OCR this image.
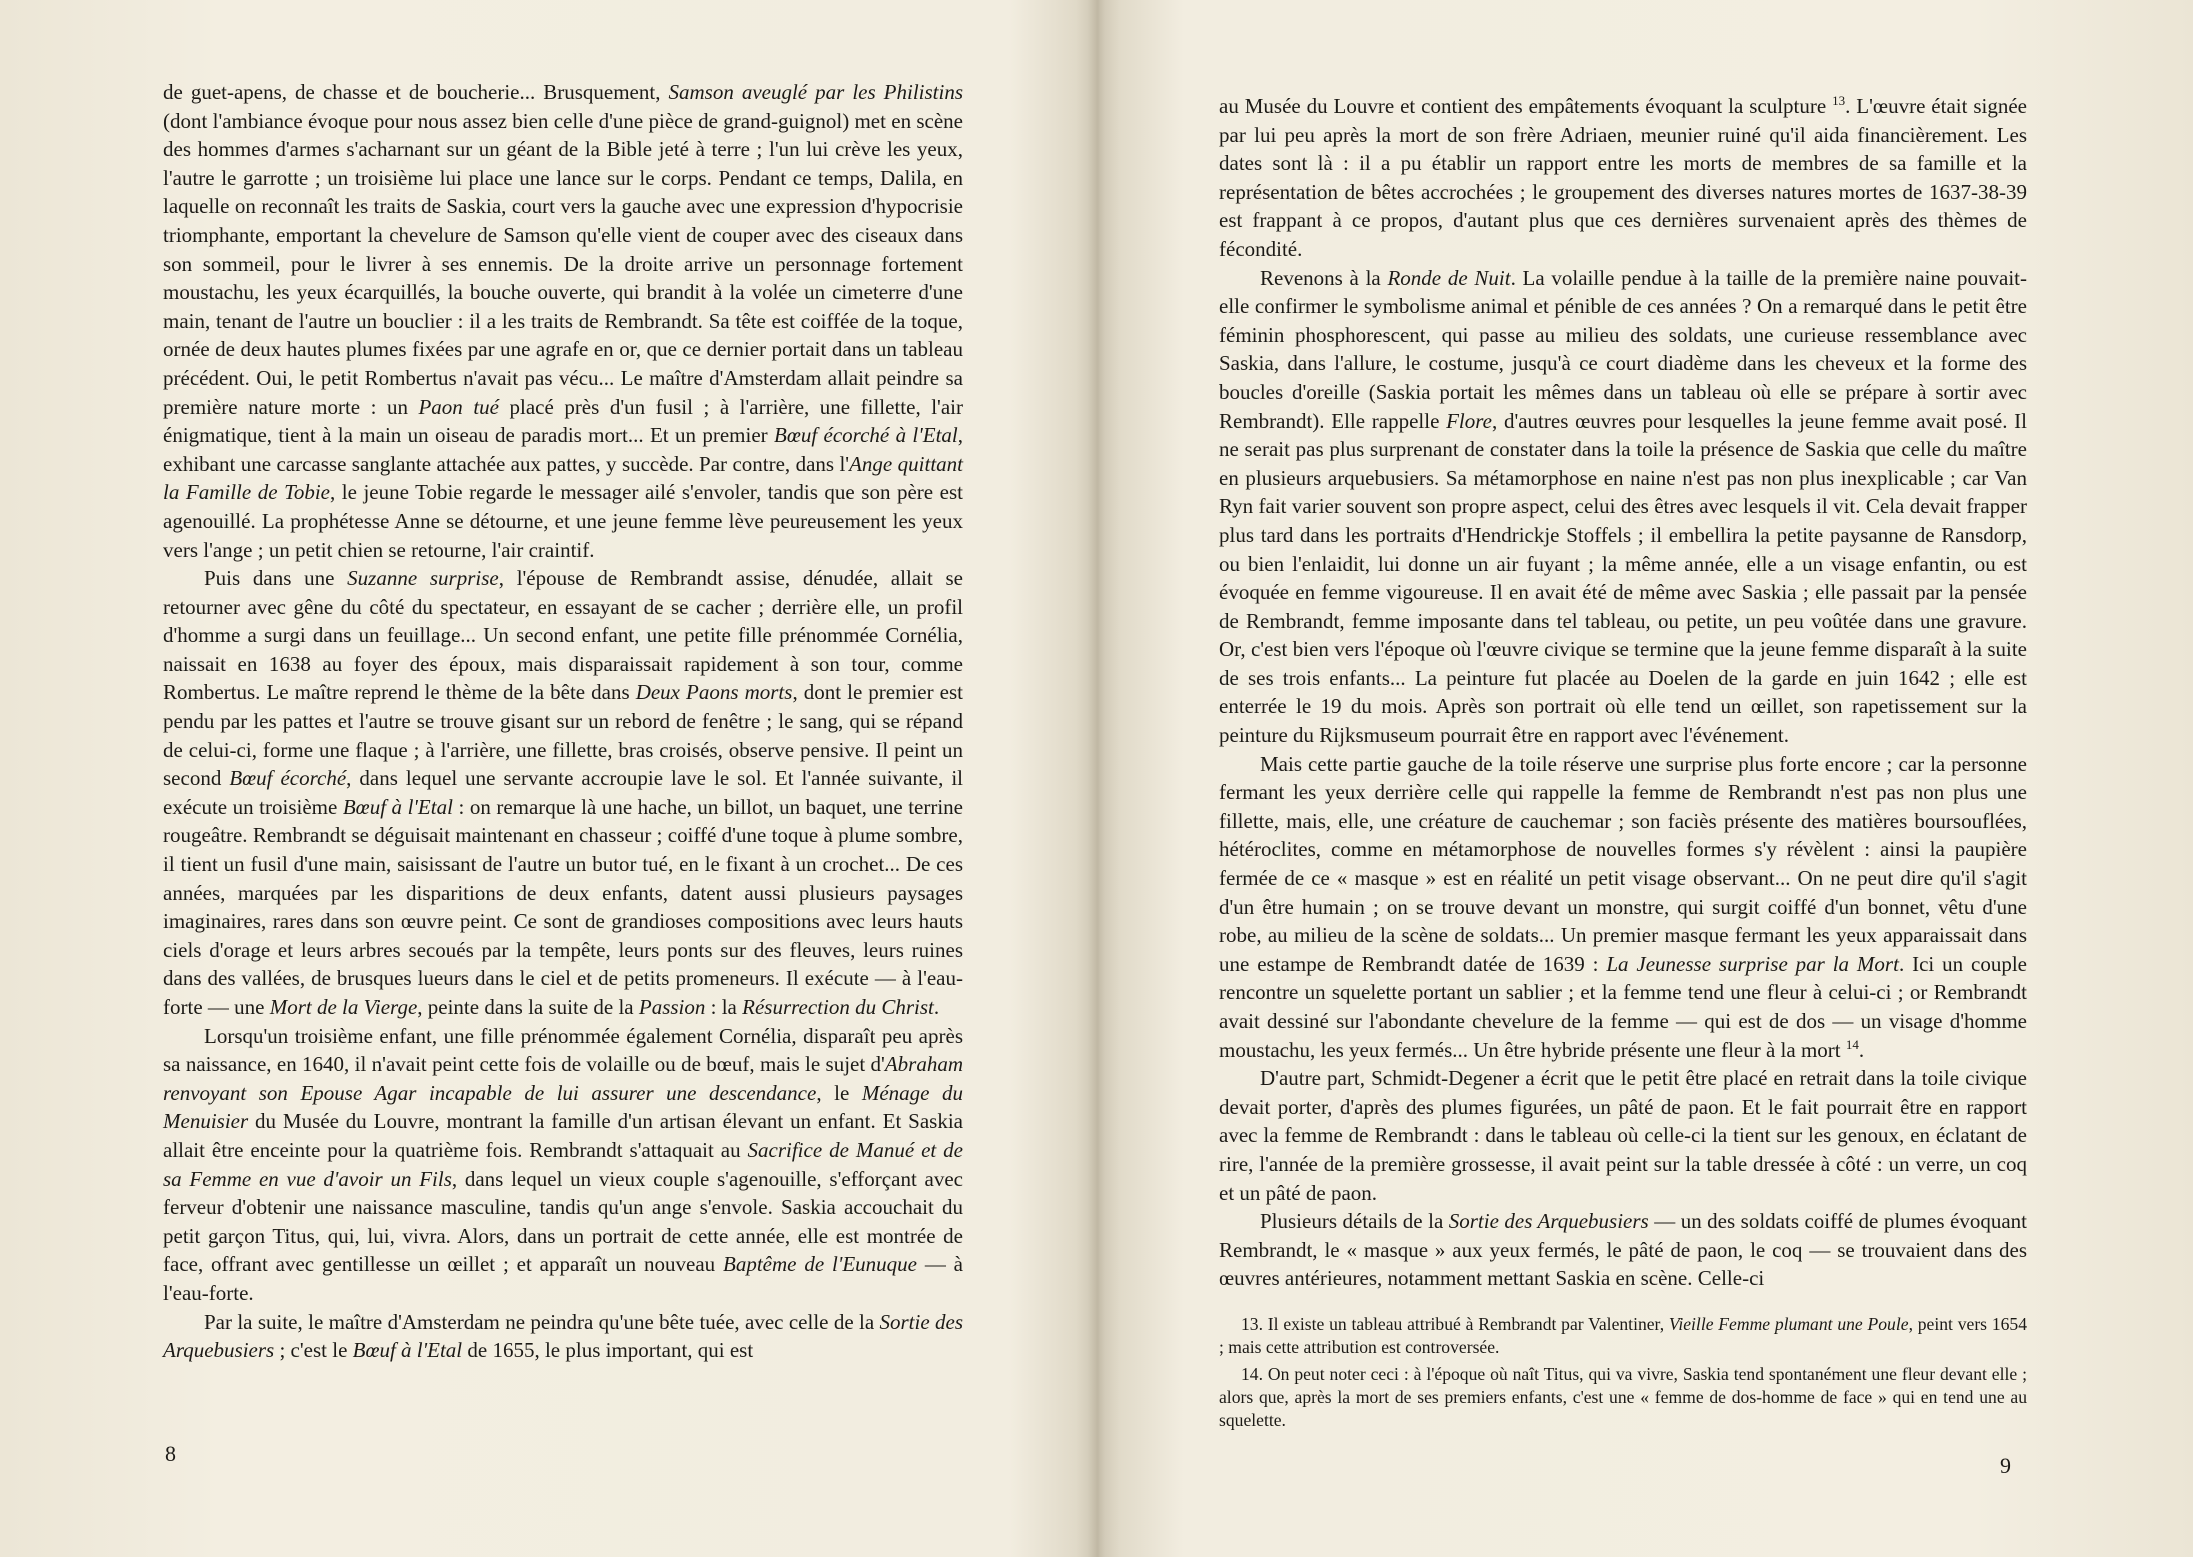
de guet-apens, de chasse et de boucherie... Brusquement, Samson aveuglé par les Philistins (dont l'ambiance évoque pour nous assez bien celle d'une pièce de grand-guignol) met en scène des hommes d'armes s'acharnant sur un géant de la Bible jeté à terre ; l'un lui crève les yeux, l'autre le garrotte ; un troisième lui place une lance sur le corps. Pendant ce temps, Dalila, en laquelle on reconnaît les traits de Saskia, court vers la gauche avec une expression d'hypocrisie triomphante, emportant la chevelure de Samson qu'elle vient de couper avec des ciseaux dans son sommeil, pour le livrer à ses ennemis. De la droite arrive un personnage fortement moustachu, les yeux écarquillés, la bouche ouverte, qui brandit à la volée un cimeterre d'une main, tenant de l'autre un bouclier : il a les traits de Rembrandt. Sa tête est coiffée de la toque, ornée de deux hautes plumes fixées par une agrafe en or, que ce dernier portait dans un tableau précédent. Oui, le petit Rombertus n'avait pas vécu... Le maître d'Amsterdam allait peindre sa première nature morte : un Paon tué placé près d'un fusil ; à l'arrière, une fillette, l'air énigmatique, tient à la main un oiseau de paradis mort... Et un premier Bœuf écorché à l'Etal, exhibant une carcasse sanglante attachée aux pattes, y succède. Par contre, dans l'Ange quittant la Famille de Tobie, le jeune Tobie regarde le messager ailé s'envoler, tandis que son père est agenouillé. La prophétesse Anne se détourne, et une jeune femme lève peureusement les yeux vers l'ange ; un petit chien se retourne, l'air craintif.

Puis dans une Suzanne surprise, l'épouse de Rembrandt assise, dénudée, allait se retourner avec gêne du côté du spectateur, en essayant de se cacher ; derrière elle, un profil d'homme a surgi dans un feuillage... Un second enfant, une petite fille prénommée Cornélia, naissait en 1638 au foyer des époux, mais disparaissait rapidement à son tour, comme Rombertus. Le maître reprend le thème de la bête dans Deux Paons morts, dont le premier est pendu par les pattes et l'autre se trouve gisant sur un rebord de fenêtre ; le sang, qui se répand de celui-ci, forme une flaque ; à l'arrière, une fillette, bras croisés, observe pensive. Il peint un second Bœuf écorché, dans lequel une servante accroupie lave le sol. Et l'année suivante, il exécute un troisième Bœuf à l'Etal : on remarque là une hache, un billot, un baquet, une terrine rougeâtre. Rembrandt se déguisait maintenant en chasseur ; coiffé d'une toque à plume sombre, il tient un fusil d'une main, saisissant de l'autre un butor tué, en le fixant à un crochet... De ces années, marquées par les disparitions de deux enfants, datent aussi plusieurs paysages imaginaires, rares dans son œuvre peint. Ce sont de grandioses compositions avec leurs hauts ciels d'orage et leurs arbres secoués par la tempête, leurs ponts sur des fleuves, leurs ruines dans des vallées, de brusques lueurs dans le ciel et de petits promeneurs. Il exécute — à l'eau-forte — une Mort de la Vierge, peinte dans la suite de la Passion : la Résurrection du Christ.

Lorsqu'un troisième enfant, une fille prénommée également Cornélia, disparaît peu après sa naissance, en 1640, il n'avait peint cette fois de volaille ou de bœuf, mais le sujet d'Abraham renvoyant son Epouse Agar incapable de lui assurer une descendance, le Ménage du Menuisier du Musée du Louvre, montrant la famille d'un artisan élevant un enfant. Et Saskia allait être enceinte pour la quatrième fois. Rembrandt s'attaquait au Sacrifice de Manué et de sa Femme en vue d'avoir un Fils, dans lequel un vieux couple s'agenouille, s'efforçant avec ferveur d'obtenir une naissance masculine, tandis qu'un ange s'envole. Saskia accouchait du petit garçon Titus, qui, lui, vivra. Alors, dans un portrait de cette année, elle est montrée de face, offrant avec gentillesse un œillet ; et apparaît un nouveau Baptême de l'Eunuque — à l'eau-forte.

Par la suite, le maître d'Amsterdam ne peindra qu'une bête tuée, avec celle de la Sortie des Arquebusiers ; c'est le Bœuf à l'Etal de 1655, le plus important, qui est

8

au Musée du Louvre et contient des empâtements évoquant la sculpture $^{13}$. L'œuvre était signée par lui peu après la mort de son frère Adriaen, meunier ruiné qu'il aida financièrement. Les dates sont là : il a pu établir un rapport entre les morts de membres de sa famille et la représentation de bêtes accrochées ; le groupement des diverses natures mortes de 1637-38-39 est frappant à ce propos, d'autant plus que ces dernières survenaient après des thèmes de fécondité.

Revenons à la Ronde de Nuit. La volaille pendue à la taille de la première naine pouvait-elle confirmer le symbolisme animal et pénible de ces années ? On a remarqué dans le petit être féminin phosphorescent, qui passe au milieu des soldats, une curieuse ressemblance avec Saskia, dans l'allure, le costume, jusqu'à ce court diadème dans les cheveux et la forme des boucles d'oreille (Saskia portait les mêmes dans un tableau où elle se prépare à sortir avec Rembrandt). Elle rappelle Flore, d'autres œuvres pour lesquelles la jeune femme avait posé. Il ne serait pas plus surprenant de constater dans la toile la présence de Saskia que celle du maître en plusieurs arquebusiers. Sa métamorphose en naine n'est pas non plus inexplicable ; car Van Ryn fait varier souvent son propre aspect, celui des êtres avec lesquels il vit. Cela devait frapper plus tard dans les portraits d'Hendrickje Stoffels ; il embellira la petite paysanne de Ransdorp, ou bien l'enlaidit, lui donne un air fuyant ; la même année, elle a un visage enfantin, ou est évoquée en femme vigoureuse. Il en avait été de même avec Saskia ; elle passait par la pensée de Rembrandt, femme imposante dans tel tableau, ou petite, un peu voûtée dans une gravure. Or, c'est bien vers l'époque où l'œuvre civique se termine que la jeune femme disparaît à la suite de ses trois enfants... La peinture fut placée au Doelen de la garde en juin 1642 ; elle est enterrée le 19 du mois. Après son portrait où elle tend un œillet, son rapetissement sur la peinture du Rijksmuseum pourrait être en rapport avec l'événement.

Mais cette partie gauche de la toile réserve une surprise plus forte encore ; car la personne fermant les yeux derrière celle qui rappelle la femme de Rembrandt n'est pas non plus une fillette, mais, elle, une créature de cauchemar ; son faciès présente des matières boursouflées, hétéroclites, comme en métamorphose de nouvelles formes s'y révèlent : ainsi la paupière fermée de ce « masque » est en réalité un petit visage observant... On ne peut dire qu'il s'agit d'un être humain ; on se trouve devant un monstre, qui surgit coiffé d'un bonnet, vêtu d'une robe, au milieu de la scène de soldats... Un premier masque fermant les yeux apparaissait dans une estampe de Rembrandt datée de 1639 : La Jeunesse surprise par la Mort. Ici un couple rencontre un squelette portant un sablier ; et la femme tend une fleur à celui-ci ; or Rembrandt avait dessiné sur l'abondante chevelure de la femme — qui est de dos — un visage d'homme moustachu, les yeux fermés... Un être hybride présente une fleur à la mort $^{14}$.

D'autre part, Schmidt-Degener a écrit que le petit être placé en retrait dans la toile civique devait porter, d'après des plumes figurées, un pâté de paon. Et le fait pourrait être en rapport avec la femme de Rembrandt : dans le tableau où celle-ci la tient sur les genoux, en éclatant de rire, l'année de la première grossesse, il avait peint sur la table dressée à côté : un verre, un coq et un pâté de paon.

Plusieurs détails de la Sortie des Arquebusiers — un des soldats coiffé de plumes évoquant Rembrandt, le « masque » aux yeux fermés, le pâté de paon, le coq — se trouvaient dans des œuvres antérieures, notamment mettant Saskia en scène. Celle-ci

13. Il existe un tableau attribué à Rembrandt par Valentiner, Vieille Femme plumant une Poule, peint vers 1654 ; mais cette attribution est controversée.

14. On peut noter ceci : à l'époque où naît Titus, qui va vivre, Saskia tend spontanément une fleur devant elle ; alors que, après la mort de ses premiers enfants, c'est une « femme de dos-homme de face » qui en tend une au squelette.

9
